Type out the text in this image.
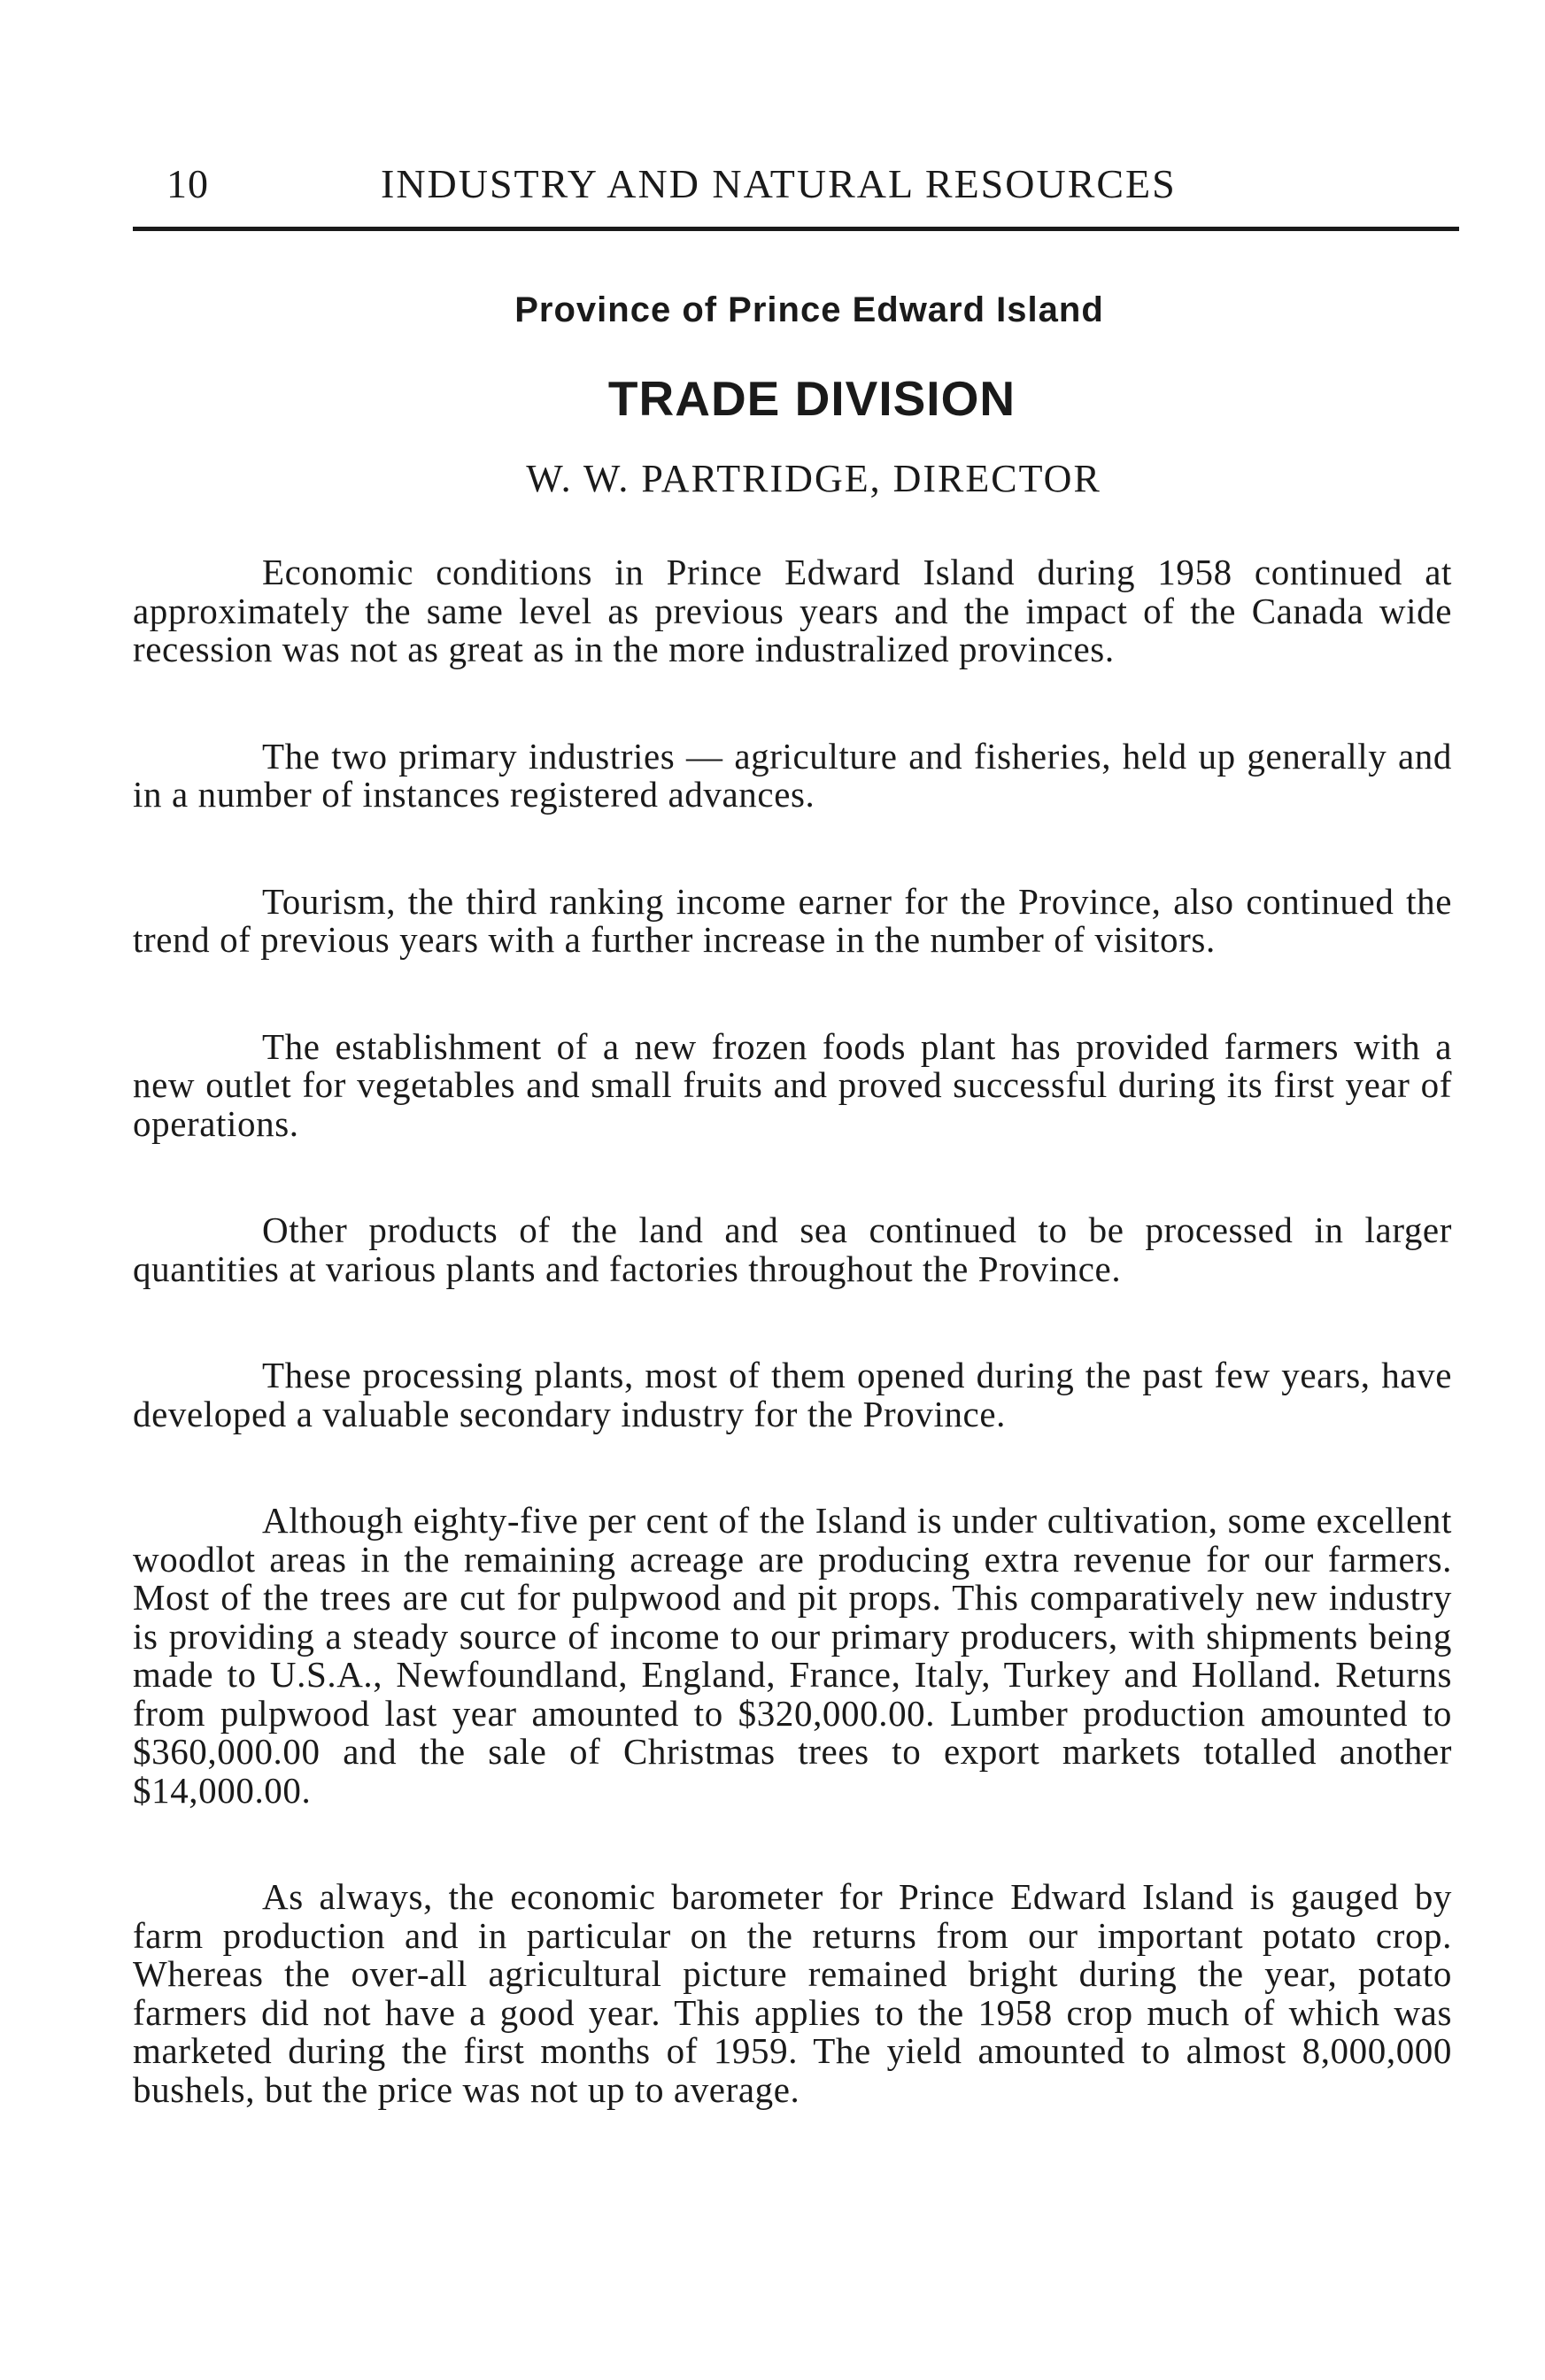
10	INDUSTRY AND NATURAL RESOURCES
Province of Prince Edward Island
TRADE DIVISION
W. W. PARTRIDGE, DIRECTOR

Economic conditions in Prince Edward Island during 1958 continued at approximately the same level as previous years and the impact of the Canada wide recession was not as great as in the more industralized provinces.

The two primary industries — agriculture and fisheries, held up generally and in a number of instances registered advances.

Tourism, the third ranking income earner for the Province, also continued the trend of previous years with a further increase in the number of visitors.

The establishment of a new frozen foods plant has provided farmers with a new outlet for vegetables and small fruits and proved successful during its first year of operations.

Other products of the land and sea continued to be processed in larger quantities at various plants and factories throughout the Province.

These processing plants, most of them opened during the past few years, have developed a valuable secondary industry for the Province.

Although eighty-five per cent of the Island is under cultivation, some excellent woodlot areas in the remaining acreage are producing extra revenue for our farmers. Most of the trees are cut for pulpwood and pit props. This comparatively new industry is providing a steady source of income to our primary producers, with shipments being made to U.S.A., Newfoundland, England, France, Italy, Turkey and Holland. Returns from pulpwood last year amounted to $320,000.00. Lumber production amounted to $360,000.00 and the sale of Christmas trees to export markets totalled another $14,000.00.

As always, the economic barometer for Prince Edward Island is gauged by farm production and in particular on the returns from our important potato crop. Whereas the over-all agricultural picture remained bright during the year, potato farmers did not have a good year. This applies to the 1958 crop much of which was marketed during the first months of 1959. The yield amounted to almost 8,000,000 bushels, but the price was not up to average.
